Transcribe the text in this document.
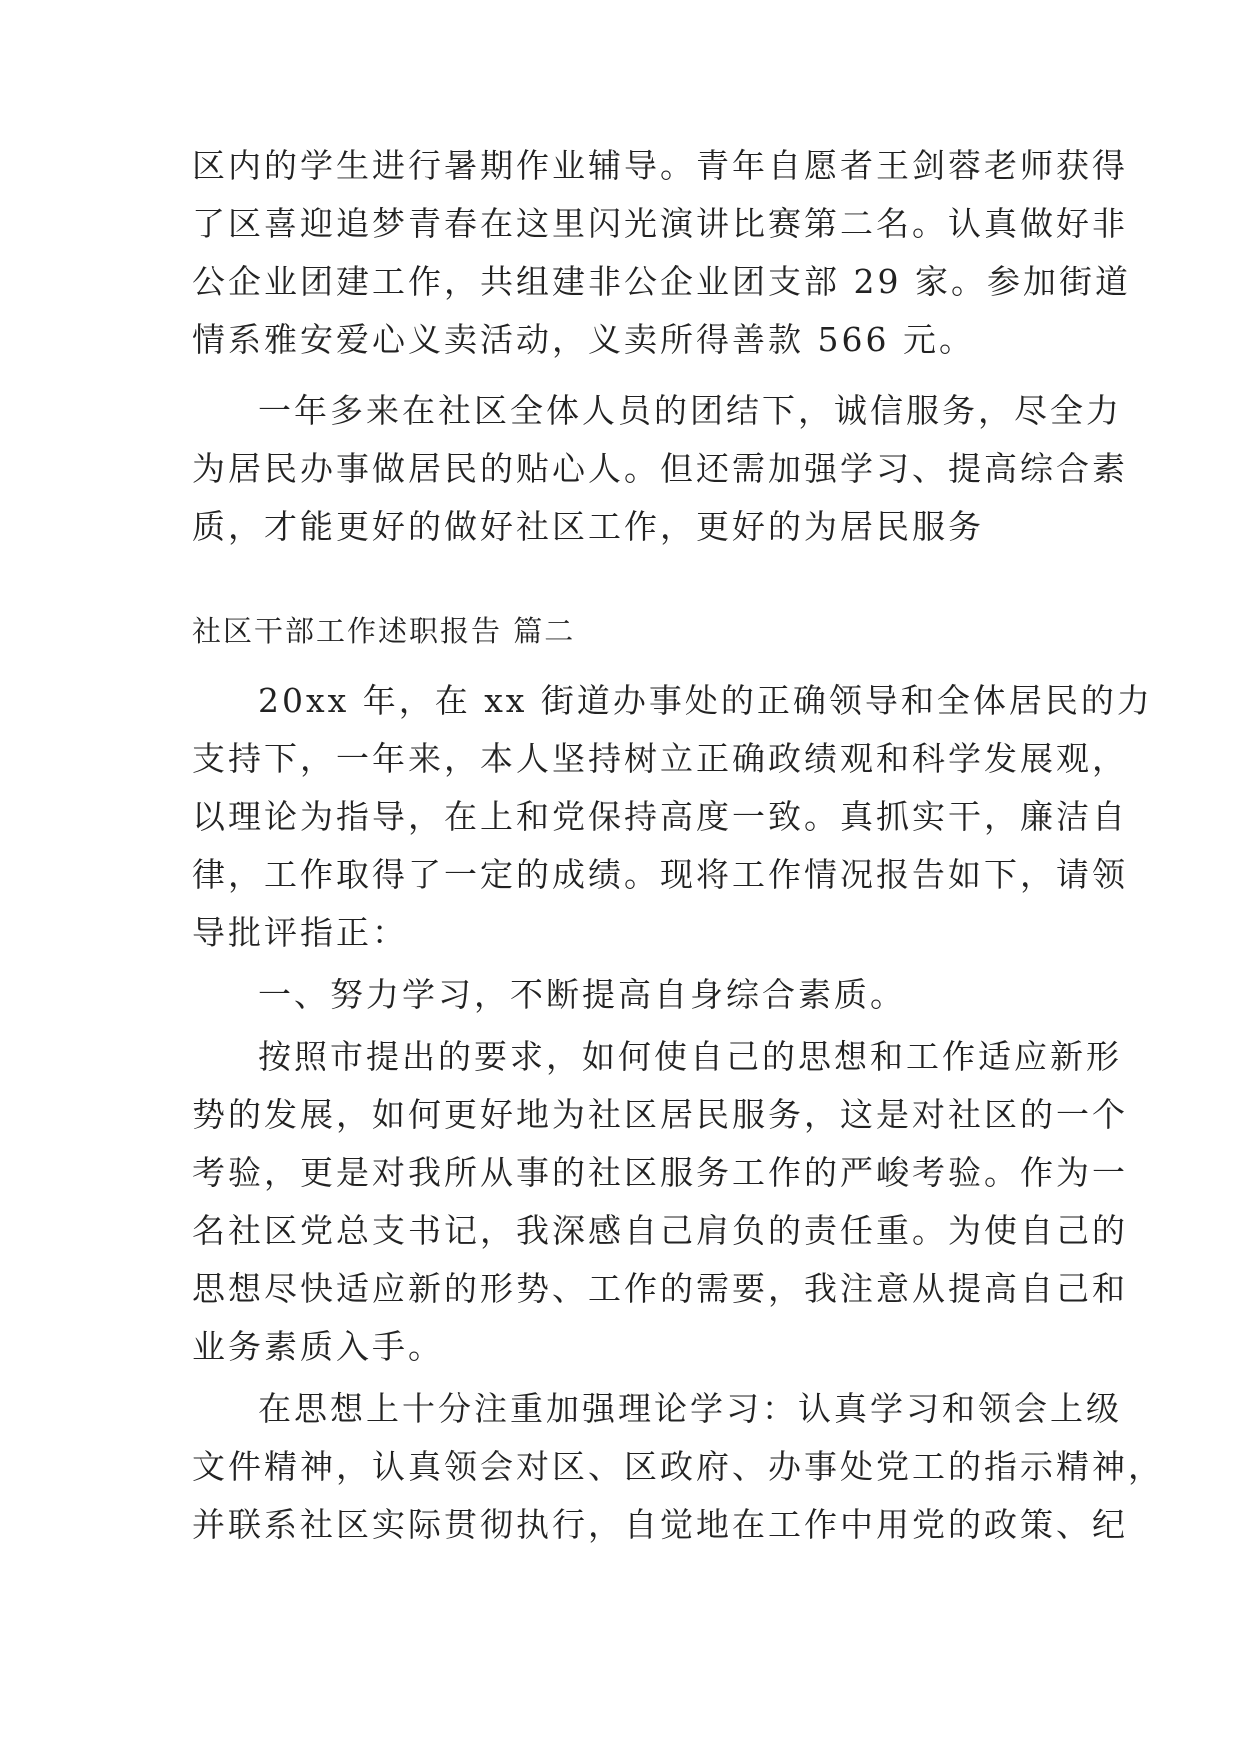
区内的学生进行暑期作业辅导。青年自愿者王剑蓉老师获得
了区喜迎追梦青春在这里闪光演讲比赛第二名。认真做好非
公企业团建工作，共组建非公企业团支部 29 家。参加街道
情系雅安爱心义卖活动，义卖所得善款 566 元。
一年多来在社区全体人员的团结下，诚信服务，尽全力
为居民办事做居民的贴心人。但还需加强学习、提高综合素
质，才能更好的做好社区工作，更好的为居民服务
社区干部工作述职报告 篇二
20xx 年，在 xx 街道办事处的正确领导和全体居民的力
支持下，一年来，本人坚持树立正确政绩观和科学发展观，
以理论为指导，在上和党保持高度一致。真抓实干，廉洁自
律，工作取得了一定的成绩。现将工作情况报告如下，请领
导批评指正：
一、努力学习，不断提高自身综合素质。
按照市提出的要求，如何使自己的思想和工作适应新形
势的发展，如何更好地为社区居民服务，这是对社区的一个
考验，更是对我所从事的社区服务工作的严峻考验。作为一
名社区党总支书记，我深感自己肩负的责任重。为使自己的
思想尽快适应新的形势、工作的需要，我注意从提高自己和
业务素质入手。
在思想上十分注重加强理论学习：认真学习和领会上级
文件精神，认真领会对区、区政府、办事处党工的指示精神，
并联系社区实际贯彻执行，自觉地在工作中用党的政策、纪
